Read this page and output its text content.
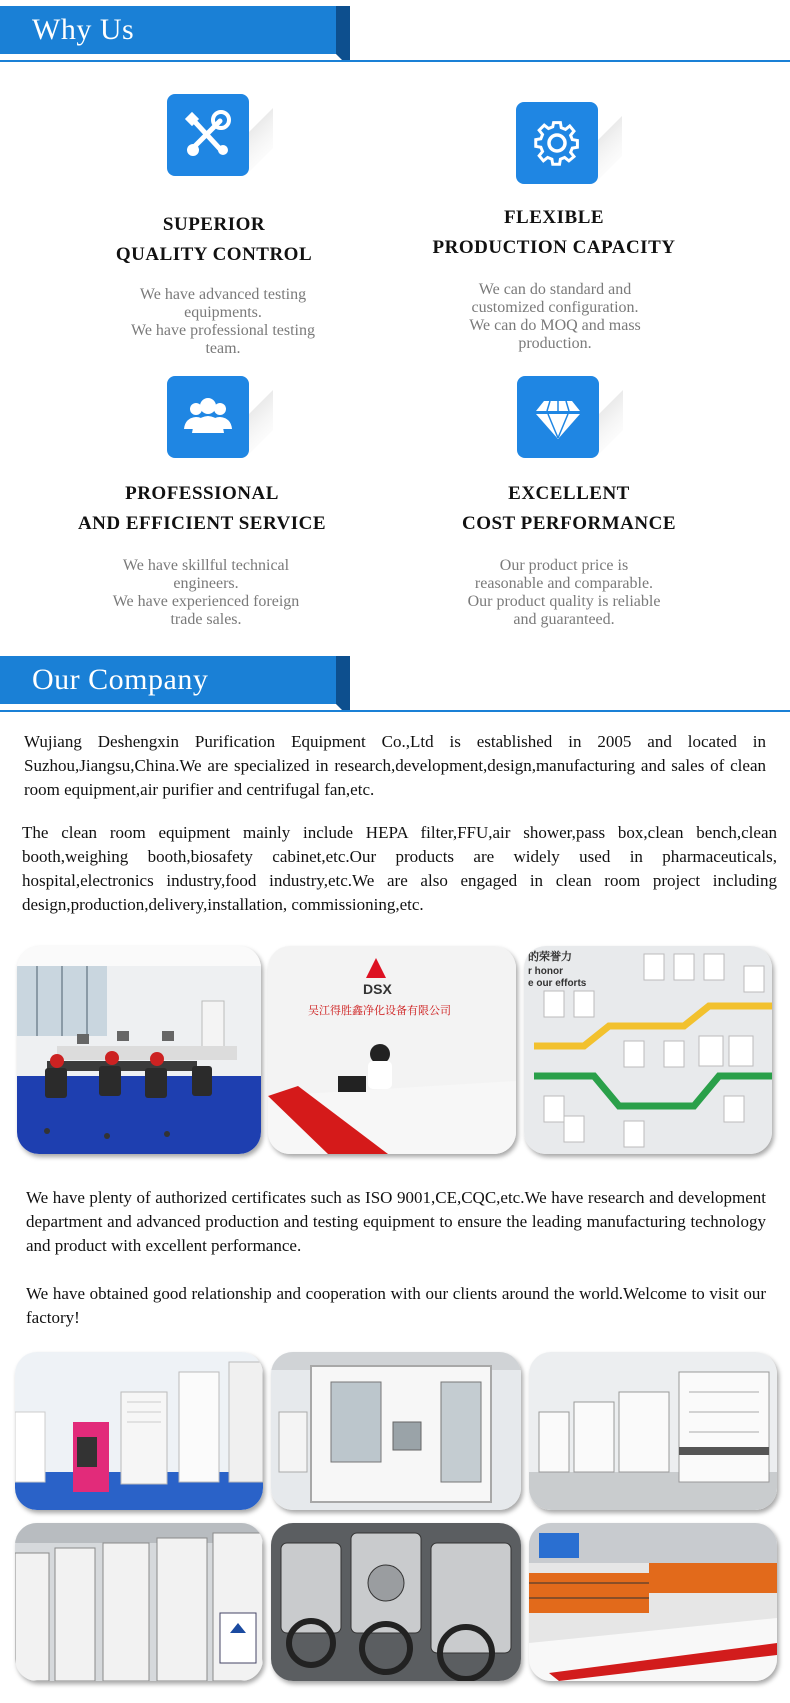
Why Us
SUPERIOR
QUALITY CONTROL
We have advanced testing
equipments.
We have professional testing
team.
FLEXIBLE
PRODUCTION CAPACITY
We can do standard and
customized configuration.
We can do MOQ and mass
production.
PROFESSIONAL
AND EFFICIENT SERVICE
We have skillful technical
engineers.
We have experienced foreign
trade sales.
EXCELLENT
COST PERFORMANCE
Our product price is
reasonable and comparable.
Our product quality is reliable
and guaranteed.
Our Company
Wujiang Deshengxin Purification Equipment Co.,Ltd is established in 2005 and located in Suzhou,Jiangsu,China.We are specialized in research,development,design,manufacturing and sales of clean room equipment,air purifier and centrifugal fan,etc.
The clean room equipment mainly include HEPA filter,FFU,air shower,pass box,clean bench,clean booth,weighing booth,biosafety cabinet,etc.Our products are widely used in pharmaceuticals, hospital,electronics industry,food industry,etc.We are also engaged in clean room project including design,production,delivery,installation, commissioning,etc.
DSX
吴江得胜鑫净化设备有限公司
的荣誉力
r honor
e our efforts
We have plenty of authorized certificates such as ISO 9001,CE,CQC,etc.We have research and development department and advanced production and testing equipment to ensure the leading manufacturing technology and product with excellent performance.
We have obtained good relationship and cooperation with our clients around the world.Welcome to visit our factory!
